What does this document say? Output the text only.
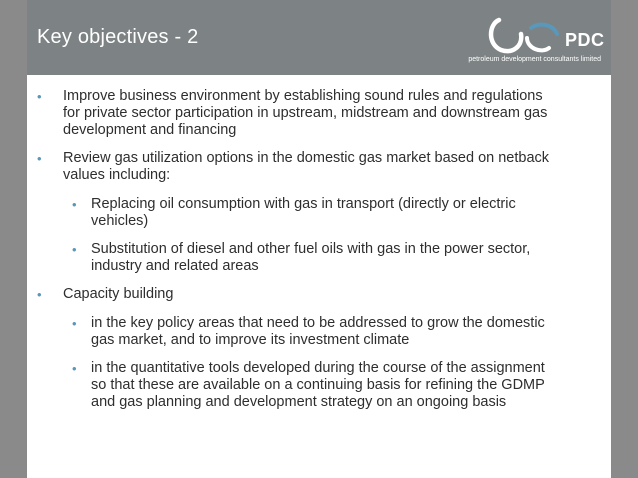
Key objectives - 2	PDC
petroleum development consultants limited
• Improve business environment by establishing sound rules and regulations
for private sector participation in upstream, midstream and downstream gas
development and financing
• Review gas utilization options in the domestic gas market based on netback
values including:
• Replacing oil consumption with gas in transport (directly or electric
vehicles)
• Substitution of diesel and other fuel oils with gas in the power sector,
industry and related areas
• Capacity building
• in the key policy areas that need to be addressed to grow the domestic
gas market, and to improve its investment climate
• in the quantitative tools developed during the course of the assignment
so that these are available on a continuing basis for refining the GDMP
and gas planning and development strategy on an ongoing basis
